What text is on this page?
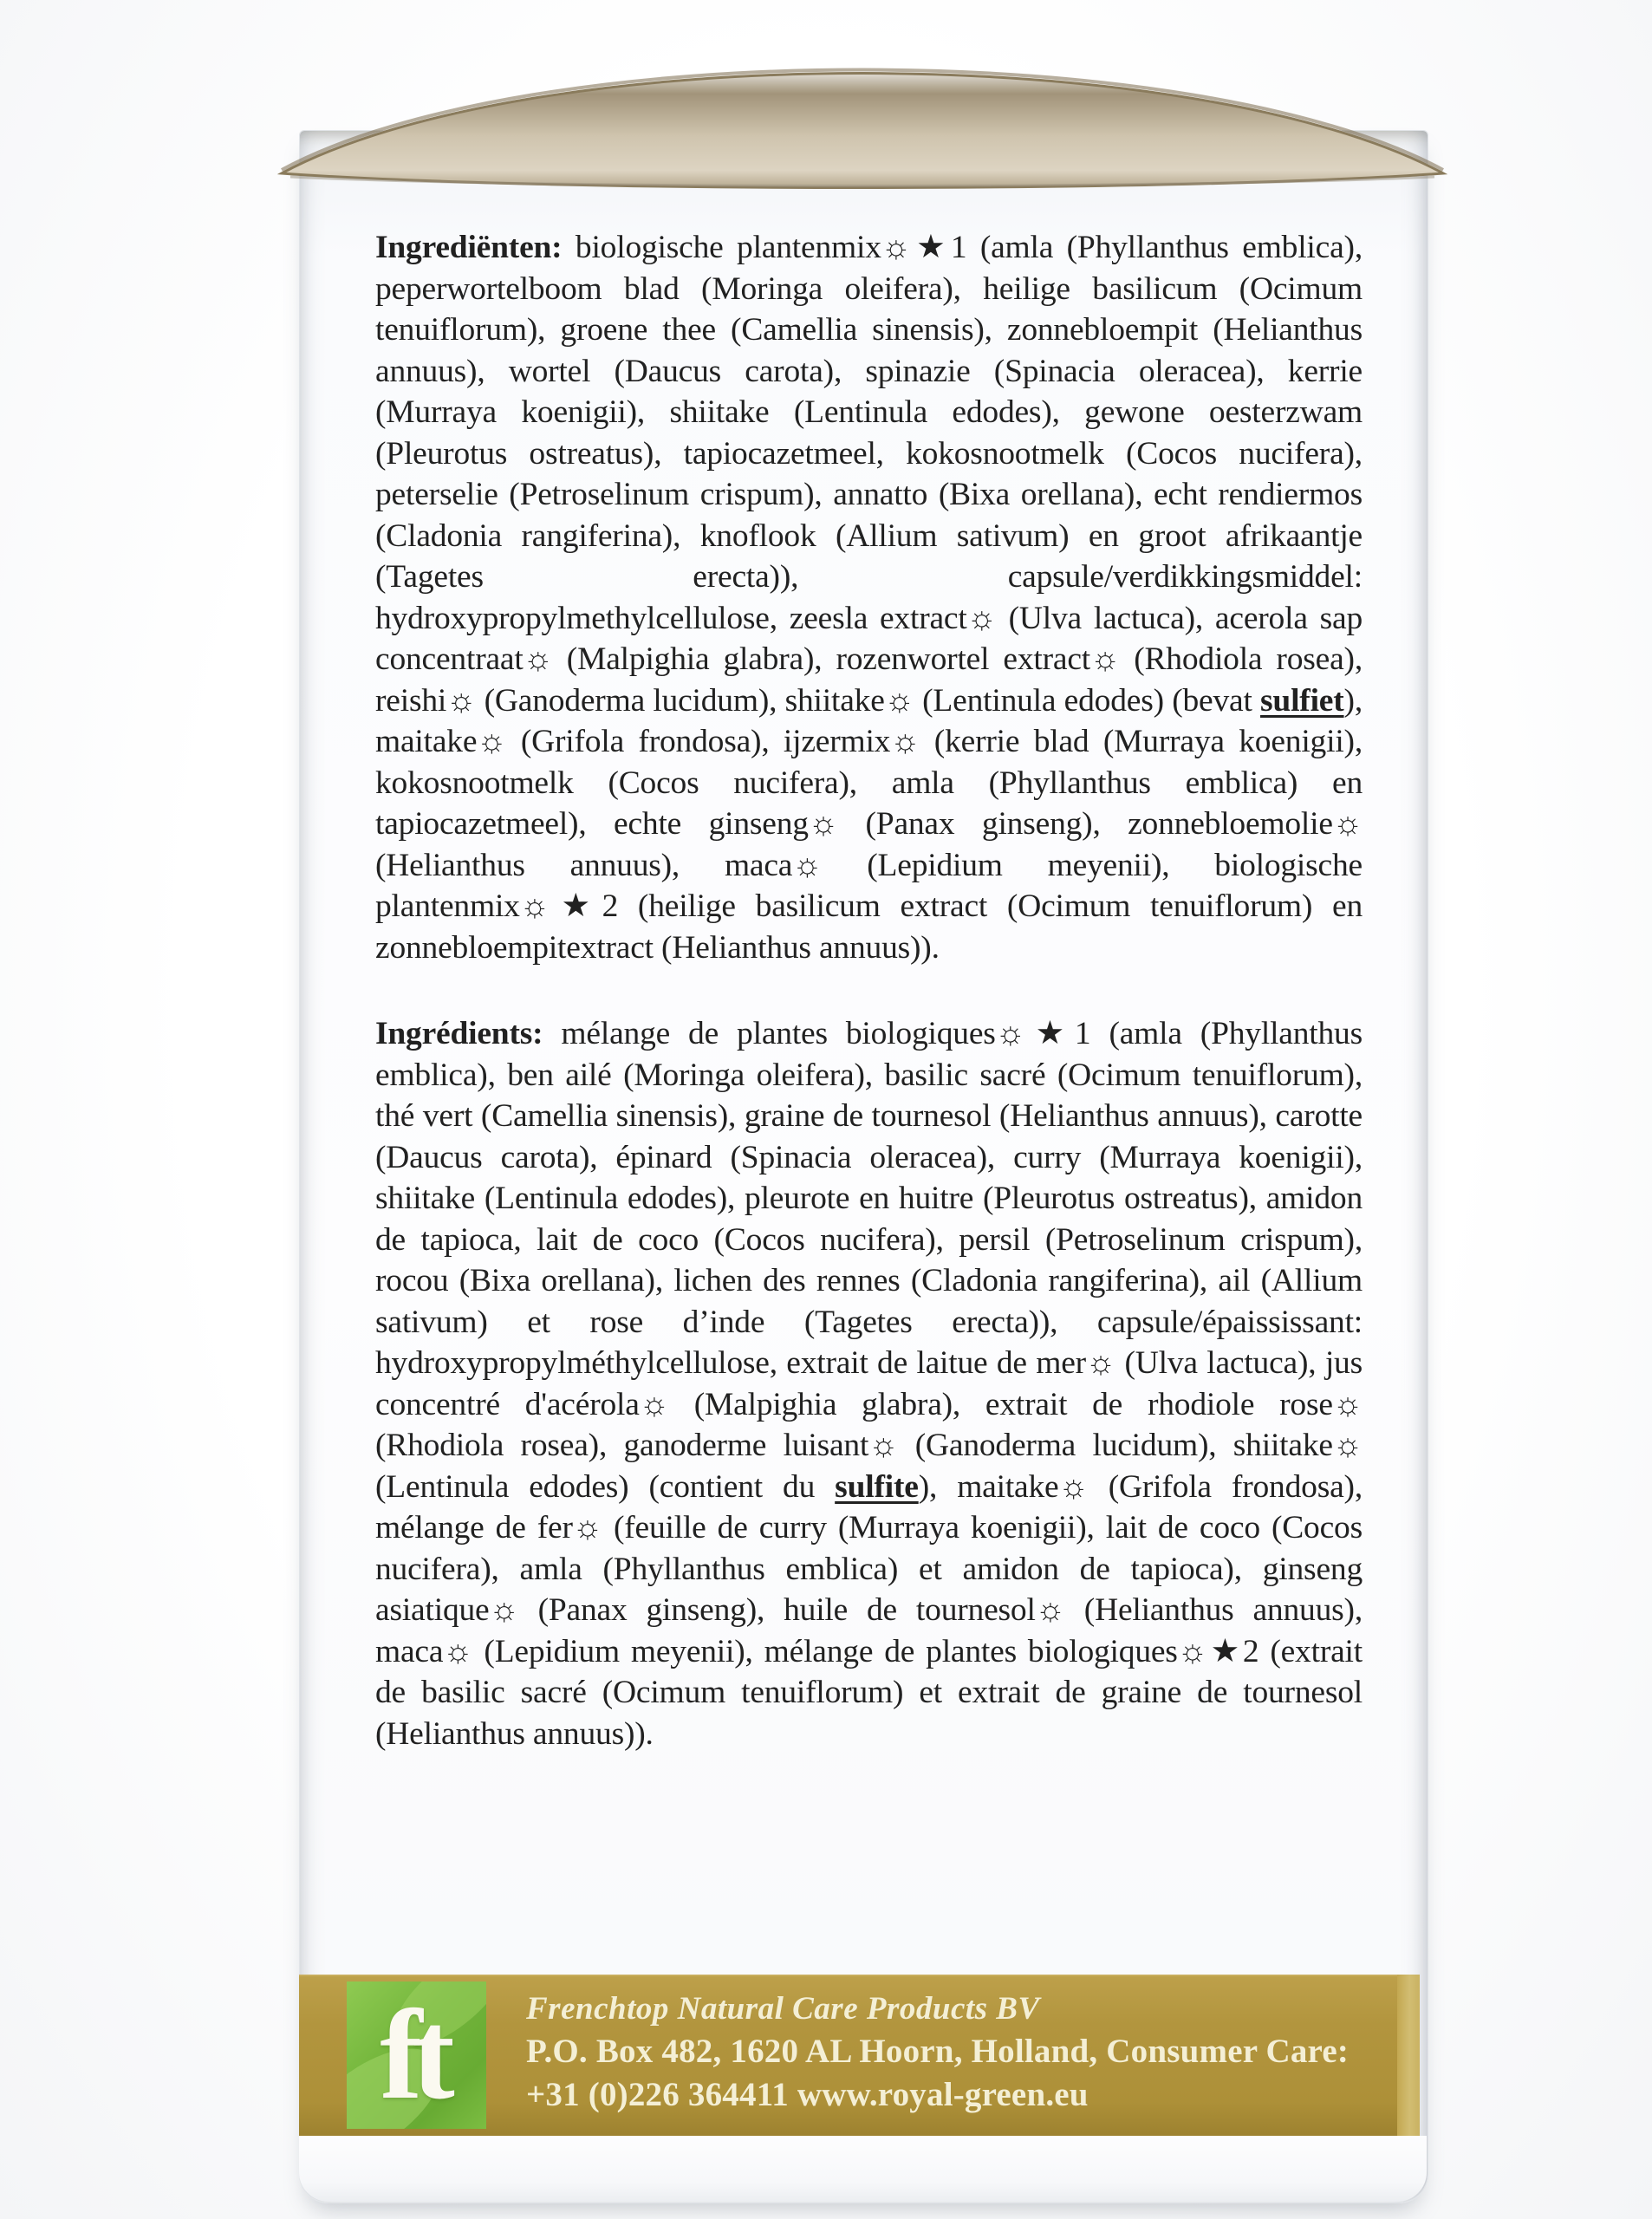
Ingrediënten: biologische plantenmix☼★1 (amla (Phyllanthus emblica), peperwortelboom blad (Moringa oleifera), heilige basilicum (Ocimum tenuiflorum), groene thee (Camellia sinensis), zonnebloempit (Helianthus annuus), wortel (Daucus carota), spinazie (Spinacia oleracea), kerrie (Murraya koenigii), shiitake (Lentinula edodes), gewone oesterzwam (Pleurotus ostreatus), tapiocazetmeel, kokosnootmelk (Cocos nucifera), peterselie (Petroselinum crispum), annatto (Bixa orellana), echt rendiermos (Cladonia rangiferina), knoflook (Allium sativum) en groot afrikaantje (Tagetes erecta)), capsule/verdikkingsmiddel: hydroxypropylmethylcellulose, zeesla extract☼ (Ulva lactuca), acerola sap concentraat☼ (Malpighia glabra), rozenwortel extract☼ (Rhodiola rosea), reishi☼ (Ganoderma lucidum), shiitake☼ (Lentinula edodes) (bevat sulfiet), maitake☼ (Grifola frondosa), ijzermix☼ (kerrie blad (Murraya koenigii), kokosnootmelk (Cocos nucifera), amla (Phyllanthus emblica) en tapiocazetmeel), echte ginseng☼ (Panax ginseng), zonnebloemolie☼ (Helianthus annuus), maca☼ (Lepidium meyenii), biologische plantenmix☼★2 (heilige basilicum extract (Ocimum tenuiflorum) en zonnebloempitextract (Helianthus annuus)).

Ingrédients: mélange de plantes biologiques☼★1 (amla (Phyllanthus emblica), ben ailé (Moringa oleifera), basilic sacré (Ocimum tenuiflorum), thé vert (Camellia sinensis), graine de tournesol (Helianthus annuus), carotte (Daucus carota), épinard (Spinacia oleracea), curry (Murraya koenigii), shiitake (Lentinula edodes), pleurote en huitre (Pleurotus ostreatus), amidon de tapioca, lait de coco (Cocos nucifera), persil (Petroselinum crispum), rocou (Bixa orellana), lichen des rennes (Cladonia rangiferina), ail (Allium sativum) et rose d’inde (Tagetes erecta)), capsule/épaississant: hydroxypropylméthylcellulose, extrait de laitue de mer☼ (Ulva lactuca), jus concentré d'acérola☼ (Malpighia glabra), extrait de rhodiole rose☼ (Rhodiola rosea), ganoderme luisant☼ (Ganoderma lucidum), shiitake☼ (Lentinula edodes) (contient du sulfite), maitake☼ (Grifola frondosa), mélange de fer☼ (feuille de curry (Murraya koenigii), lait de coco (Cocos nucifera), amla (Phyllanthus emblica) et amidon de tapioca), ginseng asiatique☼ (Panax ginseng), huile de tournesol☼ (Helianthus annuus), maca☼ (Lepidium meyenii), mélange de plantes biologiques☼★2 (extrait de basilic sacré (Ocimum tenuiflorum) et extrait de graine de tournesol (Helianthus annuus)).

ft	Frenchtop Natural Care Products BV
P.O. Box 482, 1620 AL Hoorn, Holland, Consumer Care:
+31 (0)226 364411 www.royal-green.eu
